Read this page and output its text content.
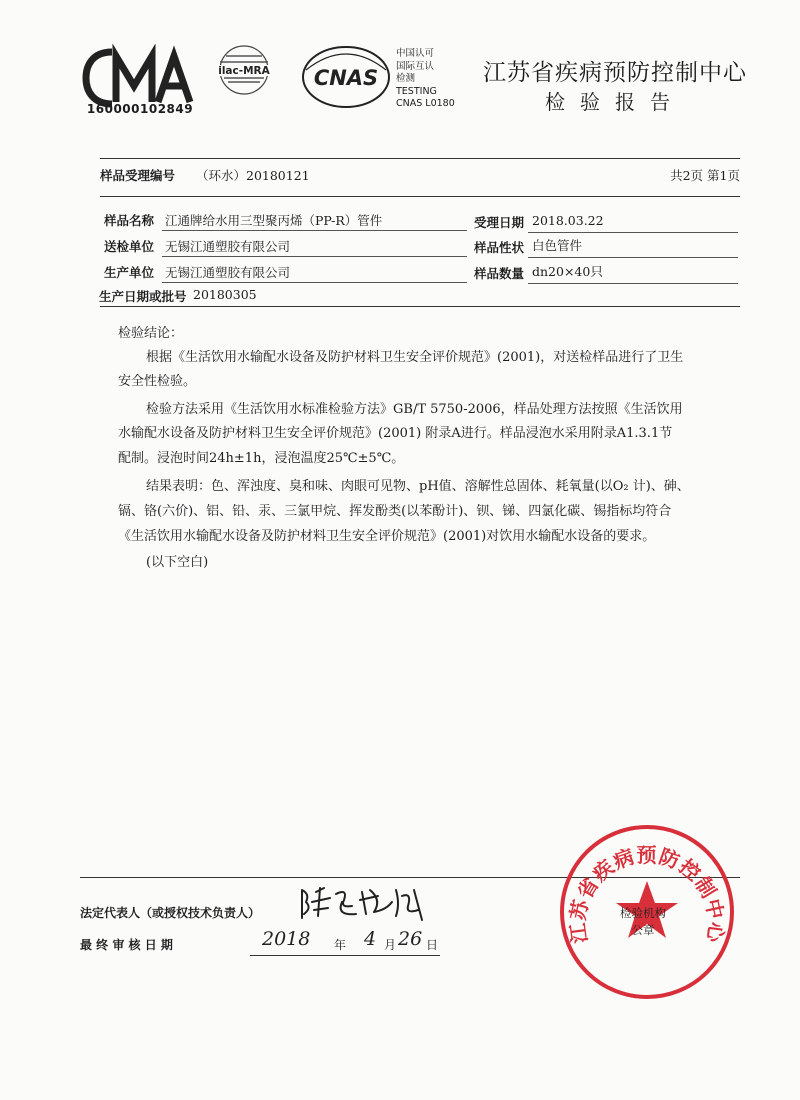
160000102849
ilac-MRA CNAS
中国认可
国际互认
检测
TESTING
CNAS L0180
江苏省疾病预防控制中心
检验报告
样品受理编号 （环水）20180121	共2页 第1页
样品名称 江通牌给水用三型聚丙烯（PP-R）管件
送检单位 无锡江通塑胶有限公司
生产单位 无锡江通塑胶有限公司
生产日期或批号 20180305
受理日期 2018.03.22
样品性状 白色管件
样品数量 dn20×40只
检验结论：
根据《生活饮用水输配水设备及防护材料卫生安全评价规范》(2001)，对送检样品进行了卫生
安全性检验。
检验方法采用《生活饮用水标准检验方法》GB/T 5750-2006，样品处理方法按照《生活饮用
水输配水设备及防护材料卫生安全评价规范》(2001) 附录A进行。样品浸泡水采用附录A1.3.1节
配制。浸泡时间24h±1h，浸泡温度25℃±5℃。
结果表明：色、浑浊度、臭和味、肉眼可见物、pH值、溶解性总固体、耗氧量(以O₂ 计)、砷、
镉、铬(六价)、铝、铅、汞、三氯甲烷、挥发酚类(以苯酚计)、钡、锑、四氯化碳、锡指标均符合
《生活饮用水输配水设备及防护材料卫生安全评价规范》(2001)对饮用水输配水设备的要求。
(以下空白)
法定代表人（或授权技术负责人）
最 终 审 核 日 期	2018 年 4 月 26 日
江苏省疾病预防控制中心
检验机构
公章
